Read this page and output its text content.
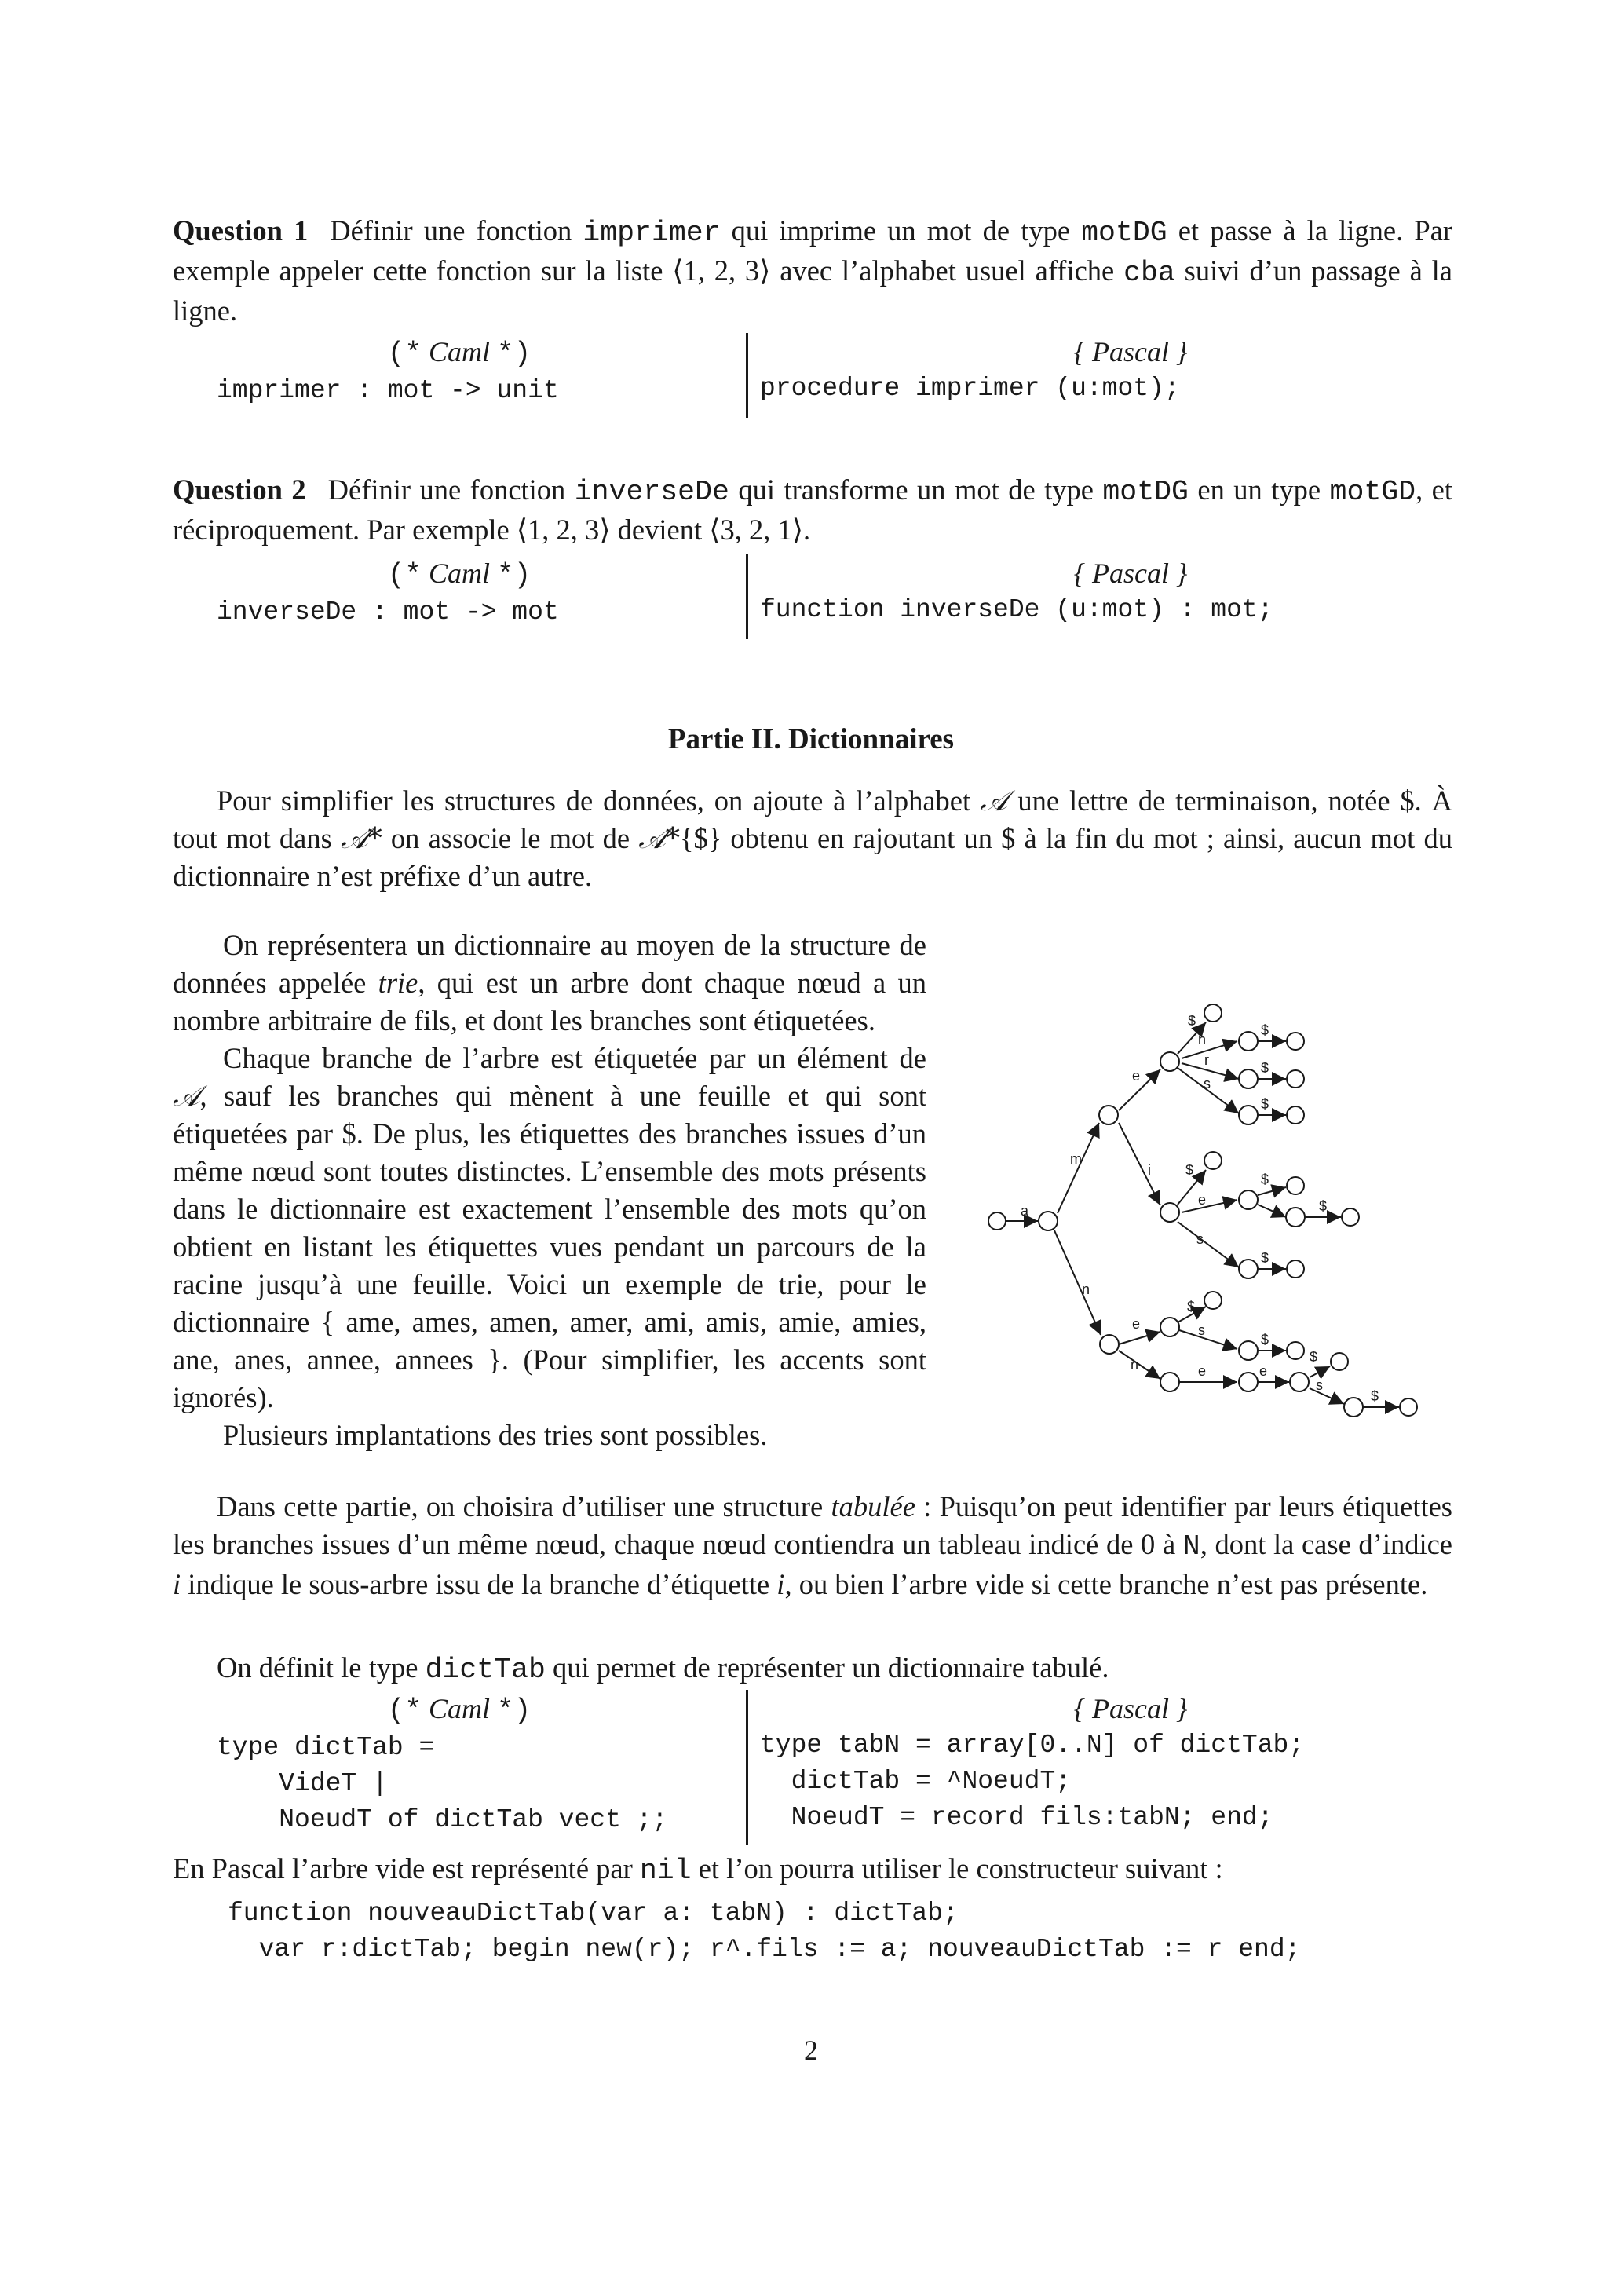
Question 1 Définir une fonction imprimer qui imprime un mot de type motDG et passe à la ligne. Par exemple appeler cette fonction sur la liste ⟨1, 2, 3⟩ avec l’alphabet usuel affiche cba suivi d’un passage à la ligne.
(* Caml *)
imprimer : mot -> unit
{ Pascal }
procedure imprimer (u:mot);
Question 2 Définir une fonction inverseDe qui transforme un mot de type motDG en un type motGD, et réciproquement. Par exemple ⟨1, 2, 3⟩ devient ⟨3, 2, 1⟩.
(* Caml *)
inverseDe : mot -> mot
{ Pascal }
function inverseDe (u:mot) : mot;
Partie II. Dictionnaires
Pour simplifier les structures de données, on ajoute à l’alphabet 𝒜 une lettre de terminaison, notée $. À tout mot dans 𝒜* on associe le mot de 𝒜*{$} obtenu en rajoutant un $ à la fin du mot ; ainsi, aucun mot du dictionnaire n’est préfixe d’un autre.

On représentera un dictionnaire au moyen de la structure de données appelée trie, qui est un arbre dont chaque nœud a un nombre arbitraire de fils, et dont les branches sont étiquetées.

Chaque branche de l’arbre est étiquetée par un élément de 𝒜, sauf les branches qui mènent à une feuille et qui sont étiquetées par $. De plus, les étiquettes des branches issues d’un même nœud sont toutes distinctes. L’ensemble des mots présents dans le dictionnaire est exactement l’ensemble des mots qu’on obtient en listant les étiquettes vues pendant un parcours de la racine jusqu’à une feuille. Voici un exemple de trie, pour le dictionnaire { ame, ames, amen, amer, ami, amis, amie, amies, ane, anes, annee, annees }. (Pour simplifier, les accents sont ignorés).

Plusieurs implantations des tries sont possibles.

a
m
n
e
i
$
n
r
s
$
$
$
$
e
s
$
$
$
e
n
$
s
$
e	e
$
s
$
Dans cette partie, on choisira d’utiliser une structure tabulée : Puisqu’on peut identifier par leurs étiquettes les branches issues d’un même nœud, chaque nœud contiendra un tableau indicé de 0 à N, dont la case d’indice i indique le sous-arbre issu de la branche d’étiquette i, ou bien l’arbre vide si cette branche n’est pas présente.
On définit le type dictTab qui permet de représenter un dictionnaire tabulé.
(* Caml *)
type dictTab =
VideT |
NoeudT of dictTab vect ;;
{ Pascal }
type tabN = array[0..N] of dictTab;
dictTab = ^NoeudT;
NoeudT = record fils:tabN; end;
En Pascal l’arbre vide est représenté par nil et l’on pourra utiliser le constructeur suivant :
function nouveauDictTab(var a: tabN) : dictTab;
var r:dictTab; begin new(r); r^.fils := a; nouveauDictTab := r end;
2
